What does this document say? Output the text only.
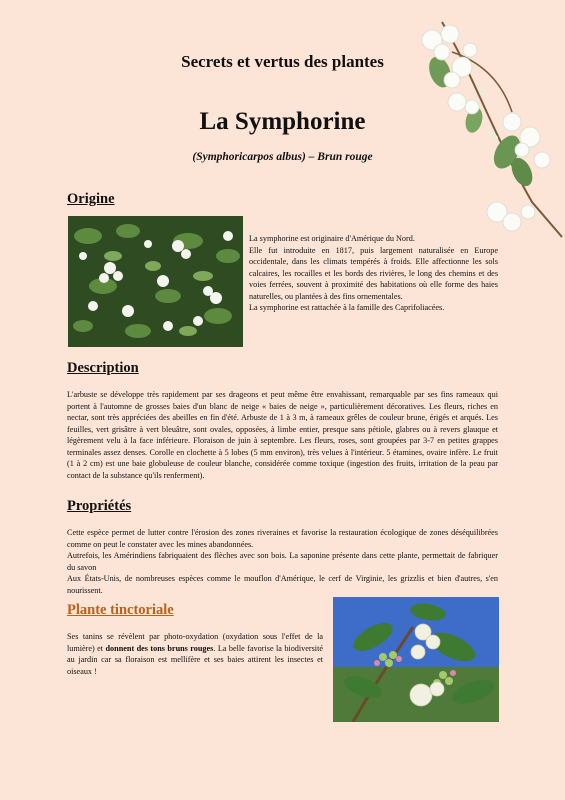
Secrets et vertus des plantes
La Symphorine
(Symphoricarpos albus) – Brun rouge
Origine
La symphorine est originaire d'Amérique du Nord.
Elle fut introduite en 1817, puis largement naturalisée en Europe occidentale, dans les climats tempérés à froids. Elle affectionne les sols calcaires, les rocailles et les bords des rivières, le long des chemins et des voies ferrées, souvent à proximité des habitations où elle forme des haies naturelles, ou plantées à des fins ornementales.
La symphorine est rattachée à la famille des Caprifoliacées.
Description
L'arbuste se développe très rapidement par ses drageons et peut même être envahissant, remarquable par ses fins rameaux qui portent à l'automne de grosses baies d'un blanc de neige « baies de neige », particulièrement décoratives. Les fleurs, riches en nectar, sont très appréciées des abeilles en fin d'été. Arbuste de 1 à 3 m, à rameaux grêles de couleur brune, érigés et arqués. Les feuilles, vert grisâtre à vert bleuâtre, sont ovales, opposées, à limbe entier, presque sans pétiole, glabres ou à revers glauque et légèrement velu à la face inférieure. Floraison de juin à septembre. Les fleurs, roses, sont groupées par 3-7 en petites grappes terminales assez denses. Corolle en clochette à 5 lobes (5 mm environ), très velues à l'intérieur. 5 étamines, ovaire infère. Le fruit (1 à 2 cm) est une baie globuleuse de couleur blanche, considérée comme toxique (ingestion des fruits, irritation de la peau par contact de la substance qu'ils renferment).
Propriétés
Cette espèce permet de lutter contre l'érosion des zones riveraines et favorise la restauration écologique de zones déséquilibrées comme on peut le constater avec les mines abandonnées.
Autrefois, les Amérindiens fabriquaient des flèches avec son bois. La saponine présente dans cette plante, permettait de fabriquer du savon
Aux États-Unis, de nombreuses espèces comme le mouflon d'Amérique, le cerf de Virginie, les grizzlis et bien d'autres, s'en nourissent.
Plante tinctoriale
Ses tanins se révèlent par photo-oxydation (oxydation sous l'effet de la lumière) et donnent des tons bruns rouges. La belle favorise la biodiversité au jardin car sa floraison est mellifère et ses baies attirent les insectes et oiseaux !
